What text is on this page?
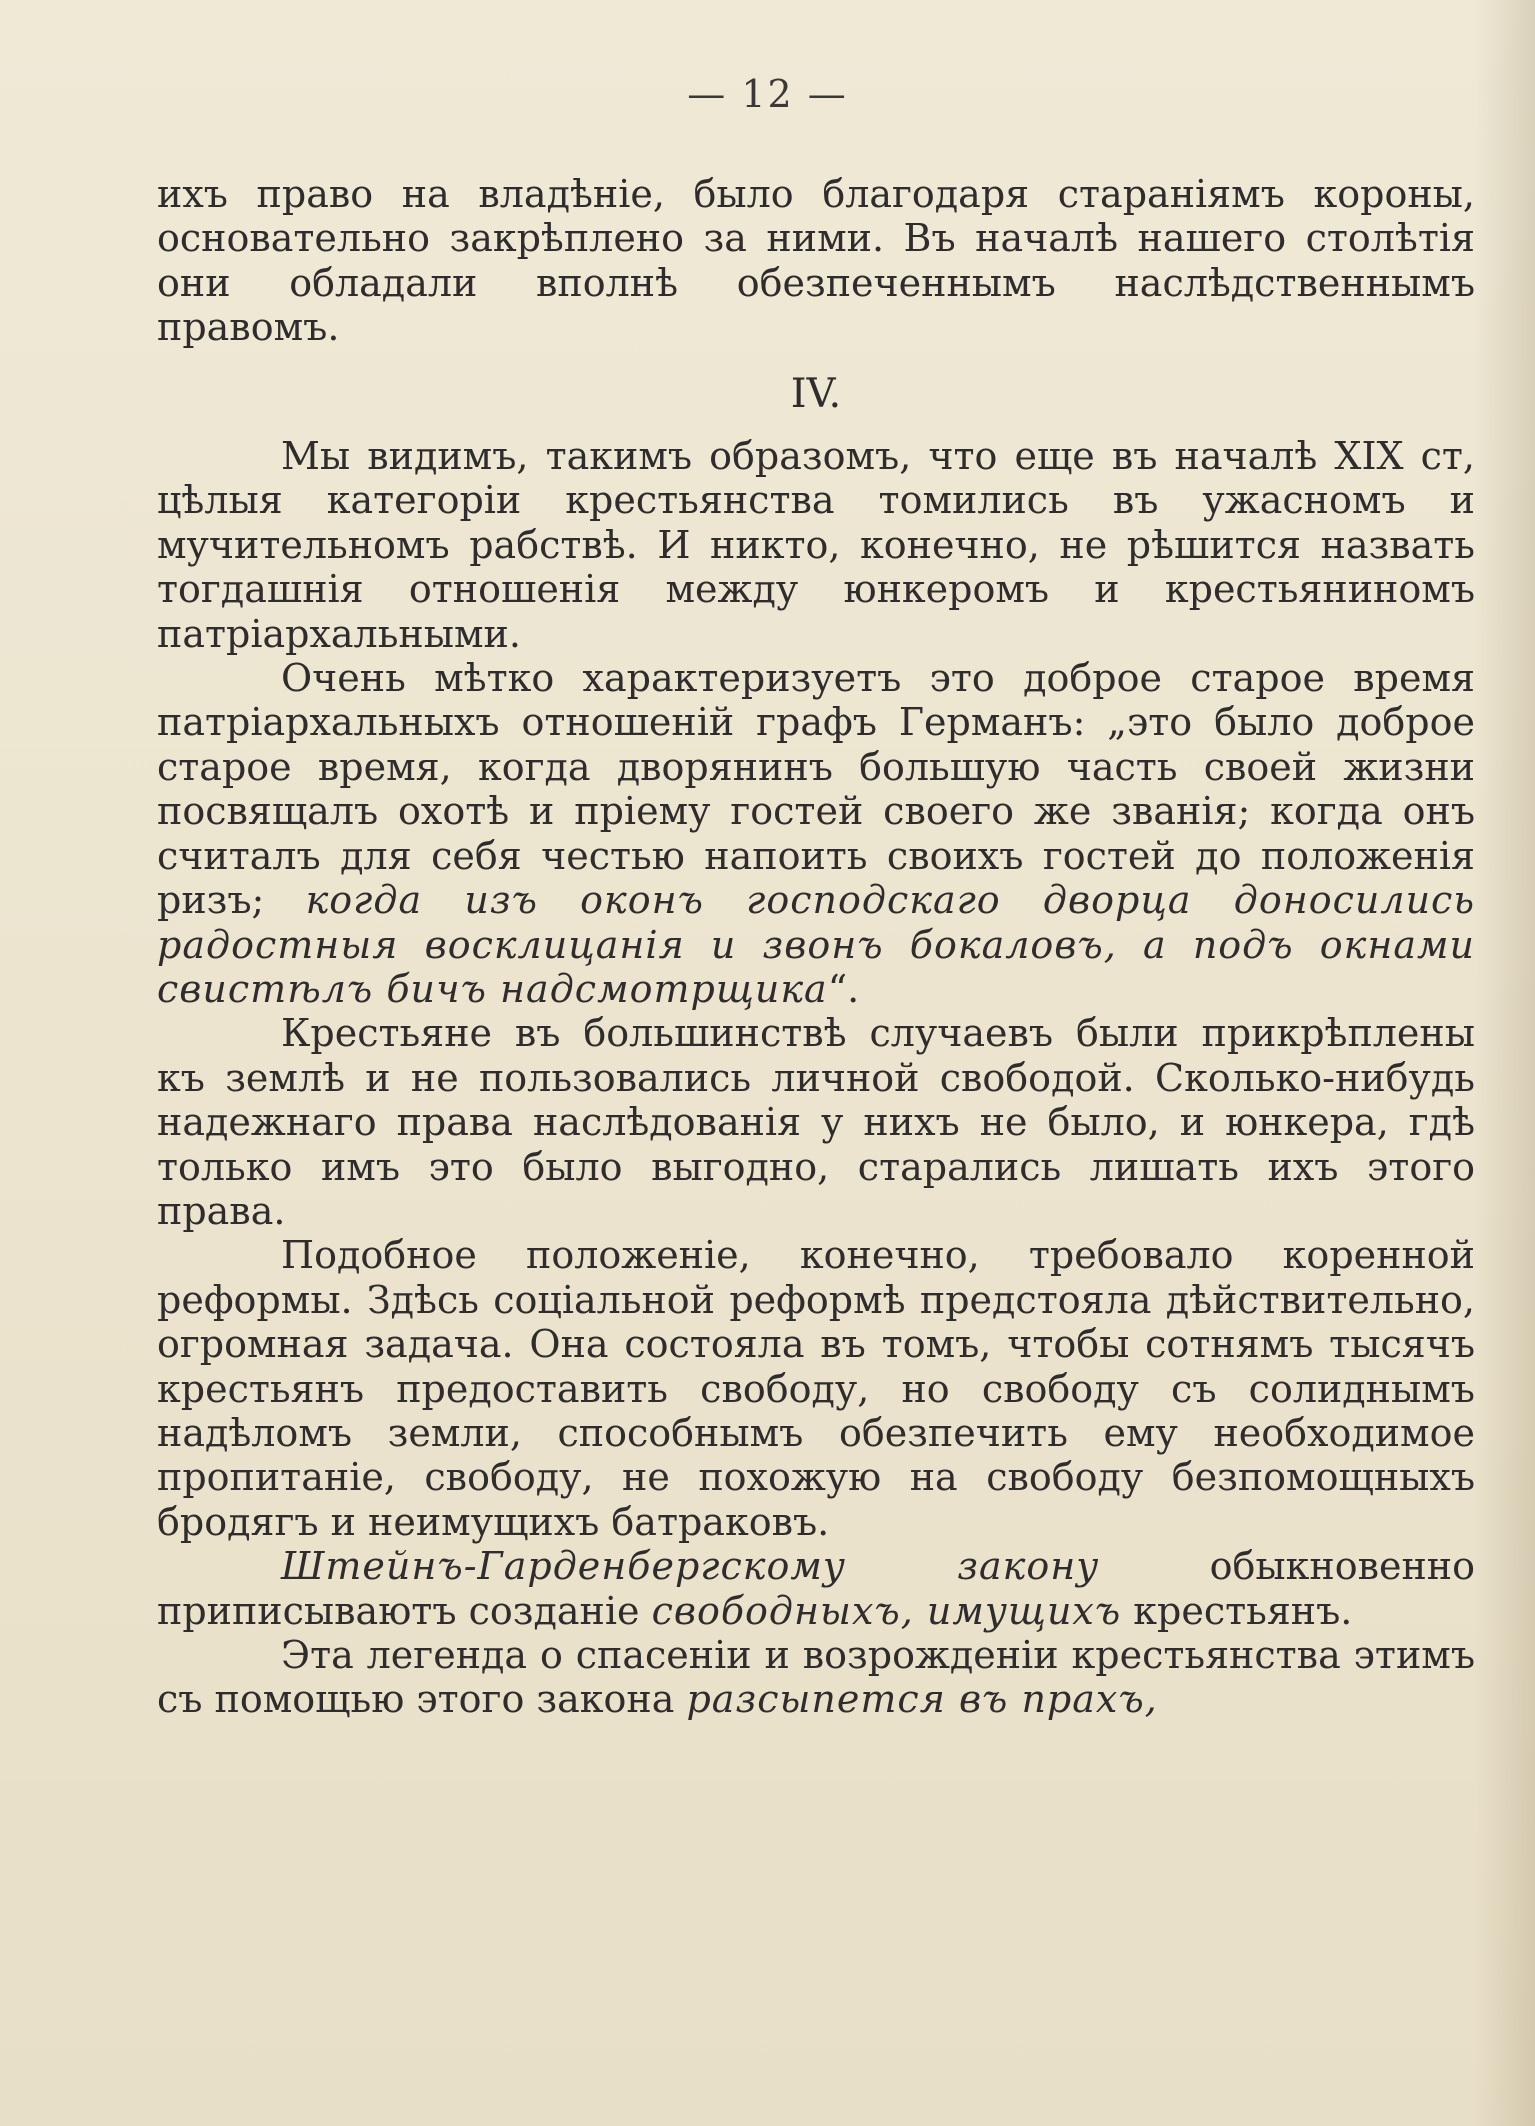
— 12 —

ихъ право на владѣніе, было благодаря стараніямъ короны, основательно закрѣплено за ними. Въ началѣ нашего столѣтія они обладали вполнѣ обезпеченнымъ наслѣдственнымъ правомъ.

IV.

Мы видимъ, такимъ образомъ, что еще въ началѣ XIX ст, цѣлыя категоріи крестьянства томились въ ужасномъ и мучительномъ рабствѣ. И никто, конечно, не рѣшится назвать тогдашнія отношенія между юнкеромъ и крестьяниномъ патріархальными.

Очень мѣтко характеризуетъ это доброе старое время патріархальныхъ отношеній графъ Германъ: „это было доброе старое время, когда дворянинъ большую часть своей жизни посвящалъ охотѣ и пріему гостей своего же званія; когда онъ считалъ для себя честью напоить своихъ гостей до положенія ризъ; когда изъ оконъ господскаго дворца доносились радостныя восклицанія и звонъ бокаловъ, а подъ окнами свистѣлъ бичъ надсмотрщика“.

Крестьяне въ большинствѣ случаевъ были прикрѣплены къ землѣ и не пользовались личной свободой. Сколько-нибудь надежнаго права наслѣдованія у нихъ не было, и юнкера, гдѣ только имъ это было выгодно, старались лишать ихъ этого права.

Подобное положеніе, конечно, требовало коренной реформы. Здѣсь соціальной реформѣ предстояла дѣйствительно, огромная задача. Она состояла въ томъ, чтобы сотнямъ тысячъ крестьянъ предоставить свободу, но свободу съ солиднымъ надѣломъ земли, способнымъ обезпечить ему необходимое пропитаніе, свободу, не похожую на свободу безпомощныхъ бродягъ и неимущихъ батраковъ.

Штейнъ-Гарденбергскому закону обыкновенно приписываютъ созданіе свободныхъ, имущихъ крестьянъ.

Эта легенда о спасеніи и возрожденіи крестьянства этимъ съ помощью этого закона разсыпется въ прахъ,
